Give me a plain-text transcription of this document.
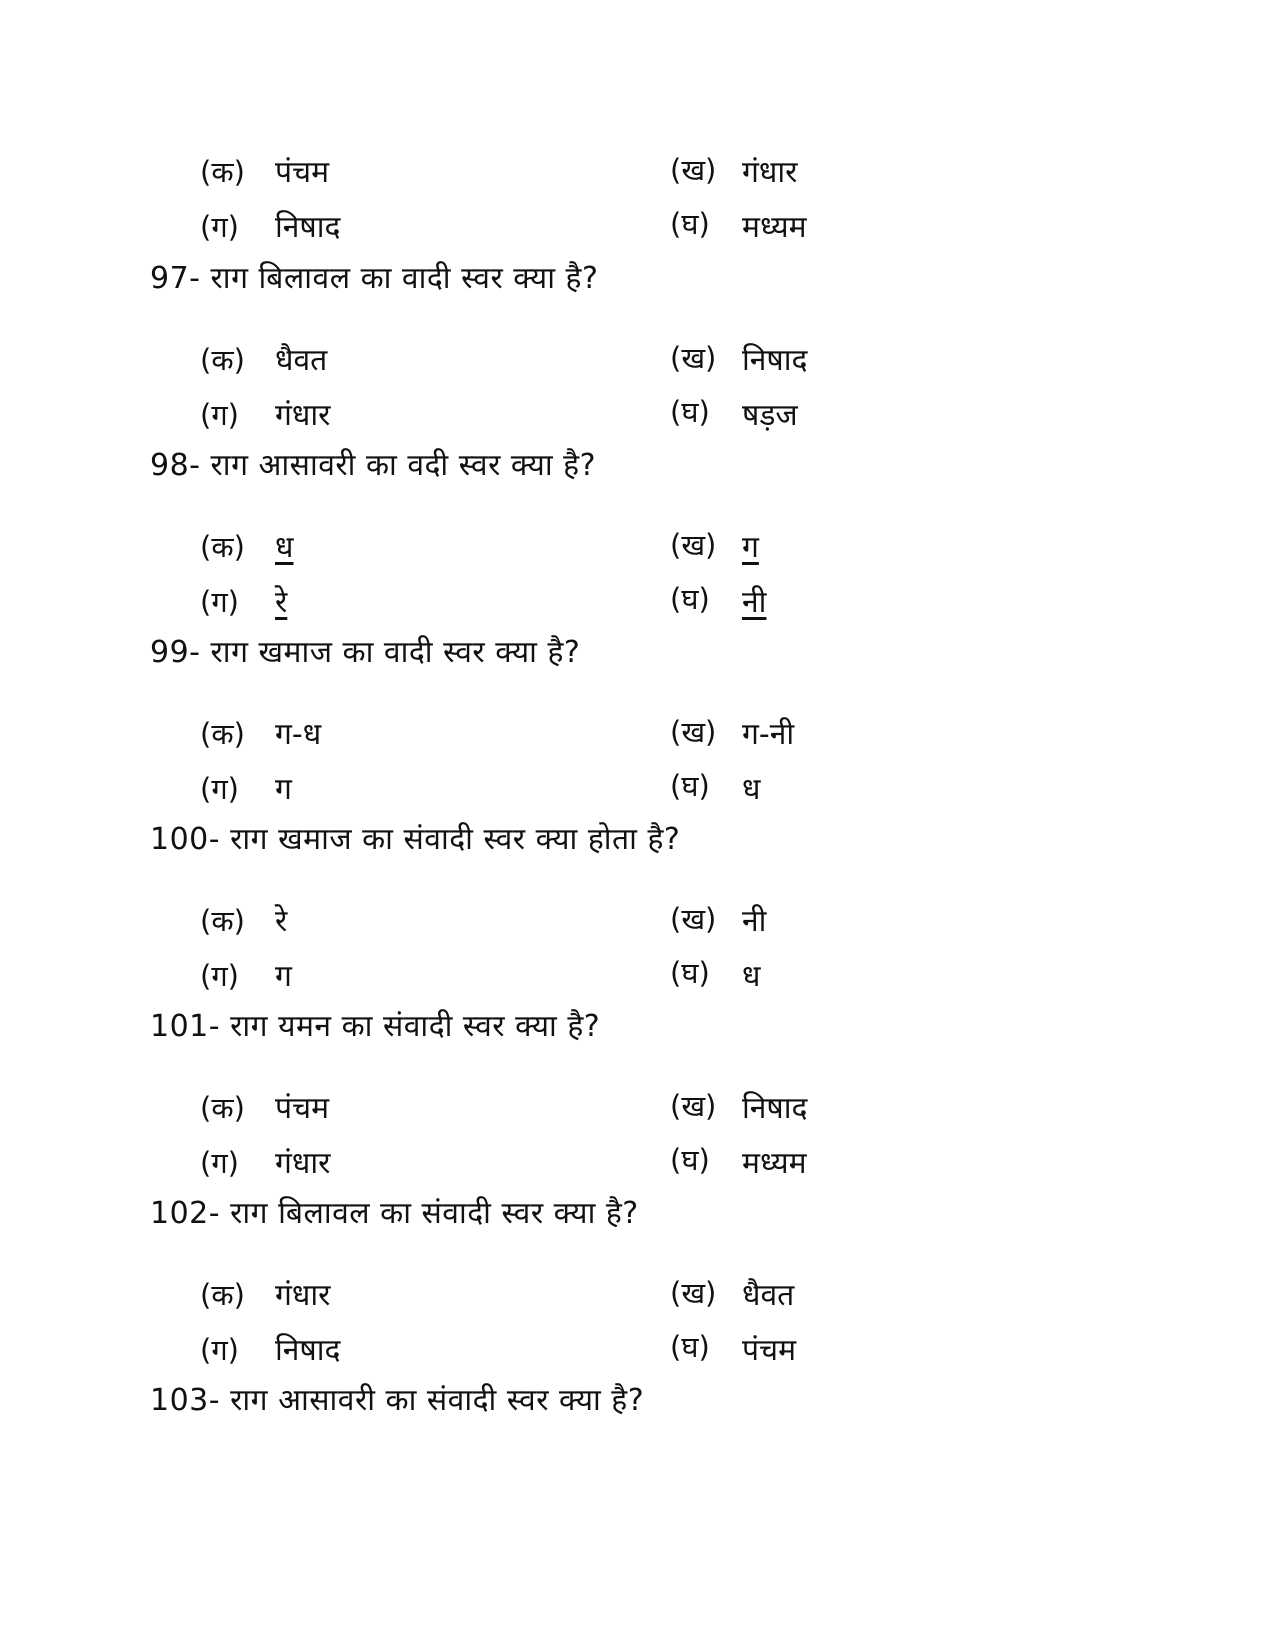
(क) पंचम	(ख) गंधार
(ग) निषाद	(घ) मध्यम
97- राग बिलावल का वादी स्वर क्या है?
(क) धैवत	(ख) निषाद
(ग) गंधार	(घ) षड़ज
98- राग आसावरी का वदी स्वर क्या है?
(क) ध	(ख) ग
(ग) रे	(घ) नी
99- राग खमाज का वादी स्वर क्या है?
(क) ग-ध	(ख) ग-नी
(ग) ग	(घ) ध
100- राग खमाज का संवादी स्वर क्या होता है?
(क) रे	(ख) नी
(ग) ग	(घ) ध
101- राग यमन का संवादी स्वर क्या है?
(क) पंचम	(ख) निषाद
(ग) गंधार	(घ) मध्यम
102- राग बिलावल का संवादी स्वर क्या है?
(क) गंधार	(ख) धैवत
(ग) निषाद	(घ) पंचम
103- राग आसावरी का संवादी स्वर क्या है?
